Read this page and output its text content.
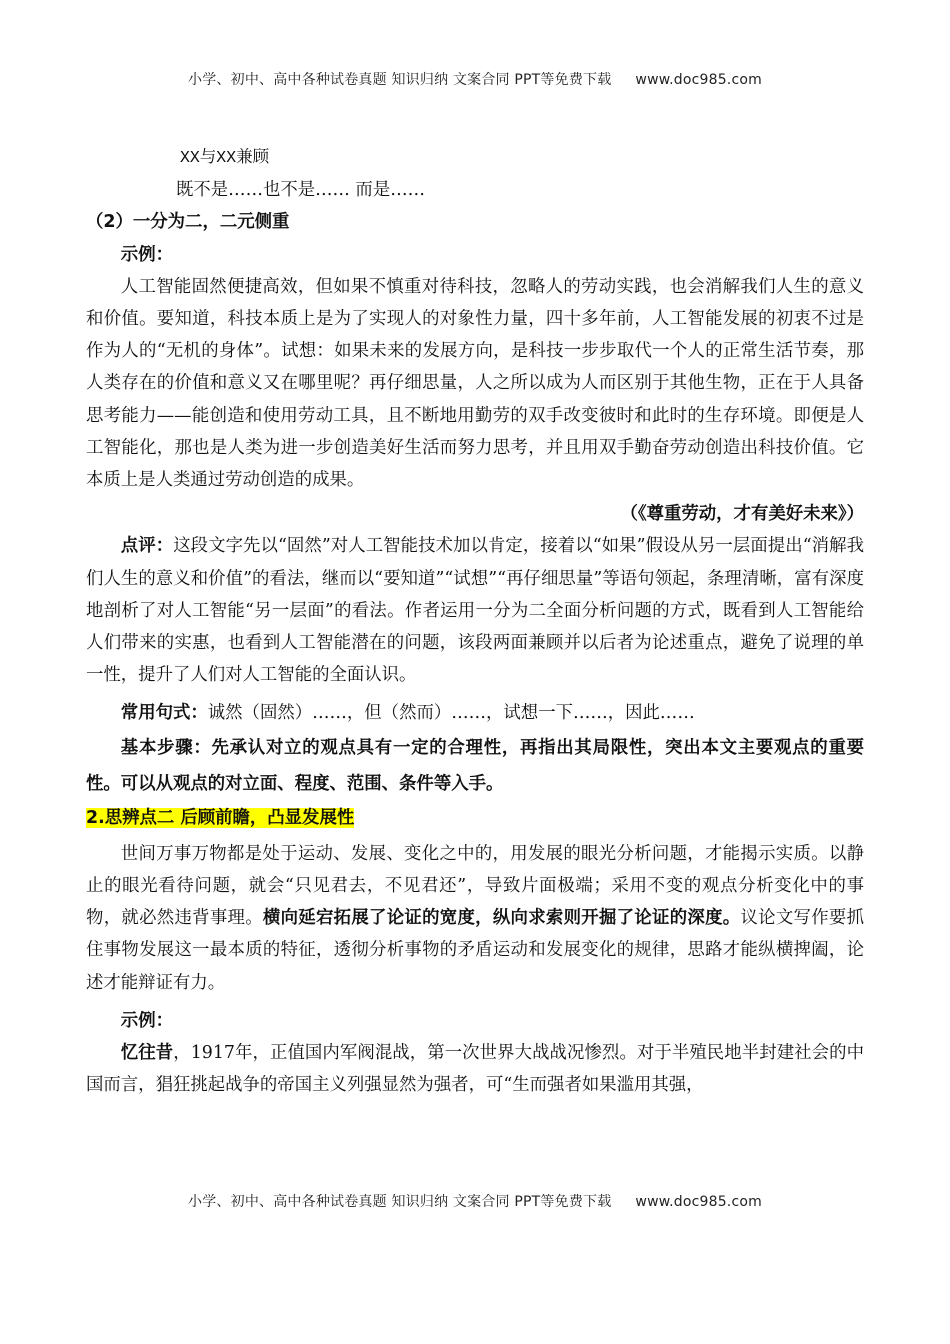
小学、初中、高中各种试卷真题 知识归纳 文案合同 PPT等免费下载 www.doc985.com
XX与XX兼顾
既不是……也不是…… 而是……

（2）一分为二，二元侧重

示例：

人工智能固然便捷高效，但如果不慎重对待科技，忽略人的劳动实践，也会消解我们人生的意义和价值。要知道，科技本质上是为了实现人的对象性力量，四十多年前，人工智能发展的初衷不过是作为人的“无机的身体”。试想：如果未来的发展方向，是科技一步步取代一个人的正常生活节奏，那人类存在的价值和意义又在哪里呢？再仔细思量，人之所以成为人而区别于其他生物，正在于人具备思考能力——能创造和使用劳动工具，且不断地用勤劳的双手改变彼时和此时的生存环境。即便是人工智能化，那也是人类为进一步创造美好生活而努力思考，并且用双手勤奋劳动创造出科技价值。它本质上是人类通过劳动创造的成果。

（《尊重劳动，才有美好未来》）

点评：这段文字先以“固然”对人工智能技术加以肯定，接着以“如果”假设从另一层面提出“消解我们人生的意义和价值”的看法，继而以“要知道”“试想”“再仔细思量”等语句领起，条理清晰，富有深度地剖析了对人工智能“另一层面”的看法。作者运用一分为二全面分析问题的方式，既看到人工智能给人们带来的实惠，也看到人工智能潜在的问题，该段两面兼顾并以后者为论述重点，避免了说理的单一性，提升了人们对人工智能的全面认识。

常用句式：诚然（固然）……，但（然而）……，试想一下……，因此……

基本步骤：先承认对立的观点具有一定的合理性，再指出其局限性，突出本文主要观点的重要性。可以从观点的对立面、程度、范围、条件等入手。

2.思辨点二 后顾前瞻，凸显发展性

世间万事万物都是处于运动、发展、变化之中的，用发展的眼光分析问题，才能揭示实质。以静止的眼光看待问题，就会“只见君去，不见君还”，导致片面极端；采用不变的观点分析变化中的事物，就必然违背事理。横向延宕拓展了论证的宽度，纵向求索则开掘了论证的深度。议论文写作要抓住事物发展这一最本质的特征，透彻分析事物的矛盾运动和发展变化的规律，思路才能纵横捭阖，论述才能辩证有力。

示例：

忆往昔，1917年，正值国内军阀混战，第一次世界大战战况惨烈。对于半殖民地半封建社会的中国而言，猖狂挑起战争的帝国主义列强显然为强者，可“生而强者如果滥用其强，

小学、初中、高中各种试卷真题 知识归纳 文案合同 PPT等免费下载 www.doc985.com
